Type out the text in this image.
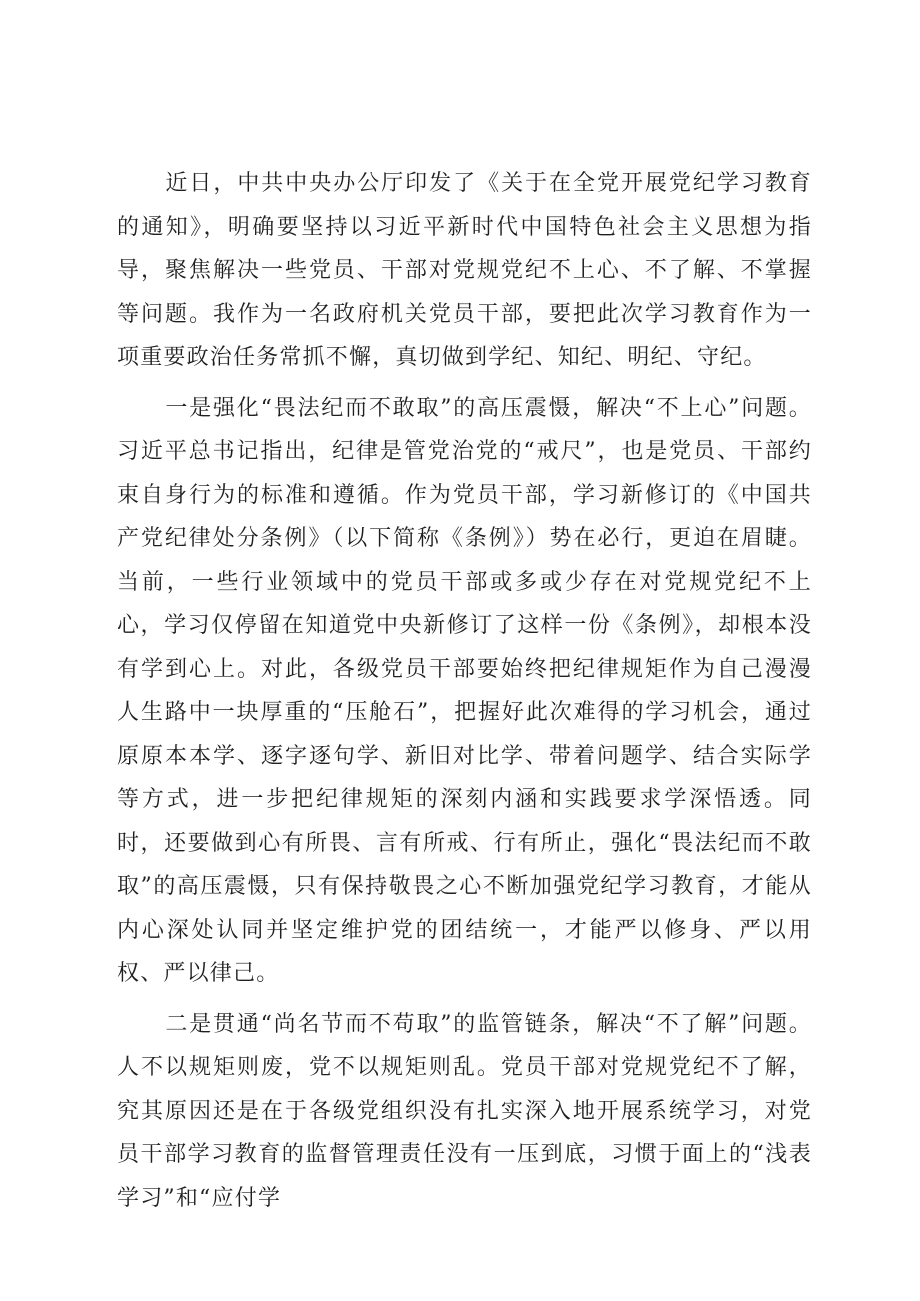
近日，中共中央办公厅印发了《关于在全党开展党纪学习教育的通知》，明确要坚持以习近平新时代中国特色社会主义思想为指导，聚焦解决一些党员、干部对党规党纪不上心、不了解、不掌握等问题。我作为一名政府机关党员干部，要把此次学习教育作为一项重要政治任务常抓不懈，真切做到学纪、知纪、明纪、守纪。

一是强化“畏法纪而不敢取”的高压震慑，解决“不上心”问题。习近平总书记指出，纪律是管党治党的“戒尺”，也是党员、干部约束自身行为的标准和遵循。作为党员干部，学习新修订的《中国共产党纪律处分条例》（以下简称《条例》）势在必行，更迫在眉睫。当前，一些行业领域中的党员干部或多或少存在对党规党纪不上心，学习仅停留在知道党中央新修订了这样一份《条例》，却根本没有学到心上。对此，各级党员干部要始终把纪律规矩作为自己漫漫人生路中一块厚重的“压舱石”，把握好此次难得的学习机会，通过原原本本学、逐字逐句学、新旧对比学、带着问题学、结合实际学等方式，进一步把纪律规矩的深刻内涵和实践要求学深悟透。同时，还要做到心有所畏、言有所戒、行有所止，强化“畏法纪而不敢取”的高压震慑，只有保持敬畏之心不断加强党纪学习教育，才能从内心深处认同并坚定维护党的团结统一，才能严以修身、严以用权、严以律己。

二是贯通“尚名节而不苟取”的监管链条，解决“不了解”问题。人不以规矩则废，党不以规矩则乱。党员干部对党规党纪不了解，究其原因还是在于各级党组织没有扎实深入地开展系统学习，对党员干部学习教育的监督管理责任没有一压到底，习惯于面上的“浅表学习”和“应付学
